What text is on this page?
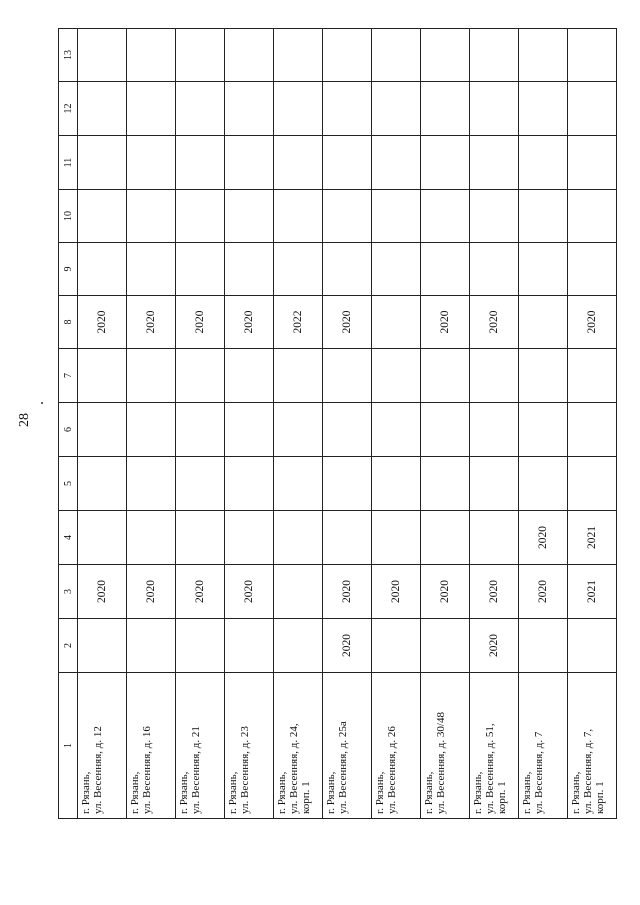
28
1	2	3	4	5	6	7	8	9	10	11	12	13

г. Рязань, ул. Весенняя, д. 12		2020					2020					

г. Рязань, ул. Весенняя, д. 16		2020					2020					

г. Рязань, ул. Весенняя, д. 21		2020					2020					

г. Рязань, ул. Весенняя, д. 23		2020					2020					

г. Рязань, ул. Весенняя, д. 24, корп. 1							2022					

г. Рязань, ул. Весенняя, д. 25а	2020	2020					2020					

г. Рязань, ул. Весенняя, д. 26		2020										

г. Рязань, ул. Весенняя, д. 30/48		2020					2020					

г. Рязань, ул. Весенняя, д. 51, корп. 1	2020	2020					2020					

г. Рязань, ул. Весенняя, д. 7		2020	2020									

г. Рязань, ул. Весенняя, д. 7, корп. 1		2021	2021				2020					
